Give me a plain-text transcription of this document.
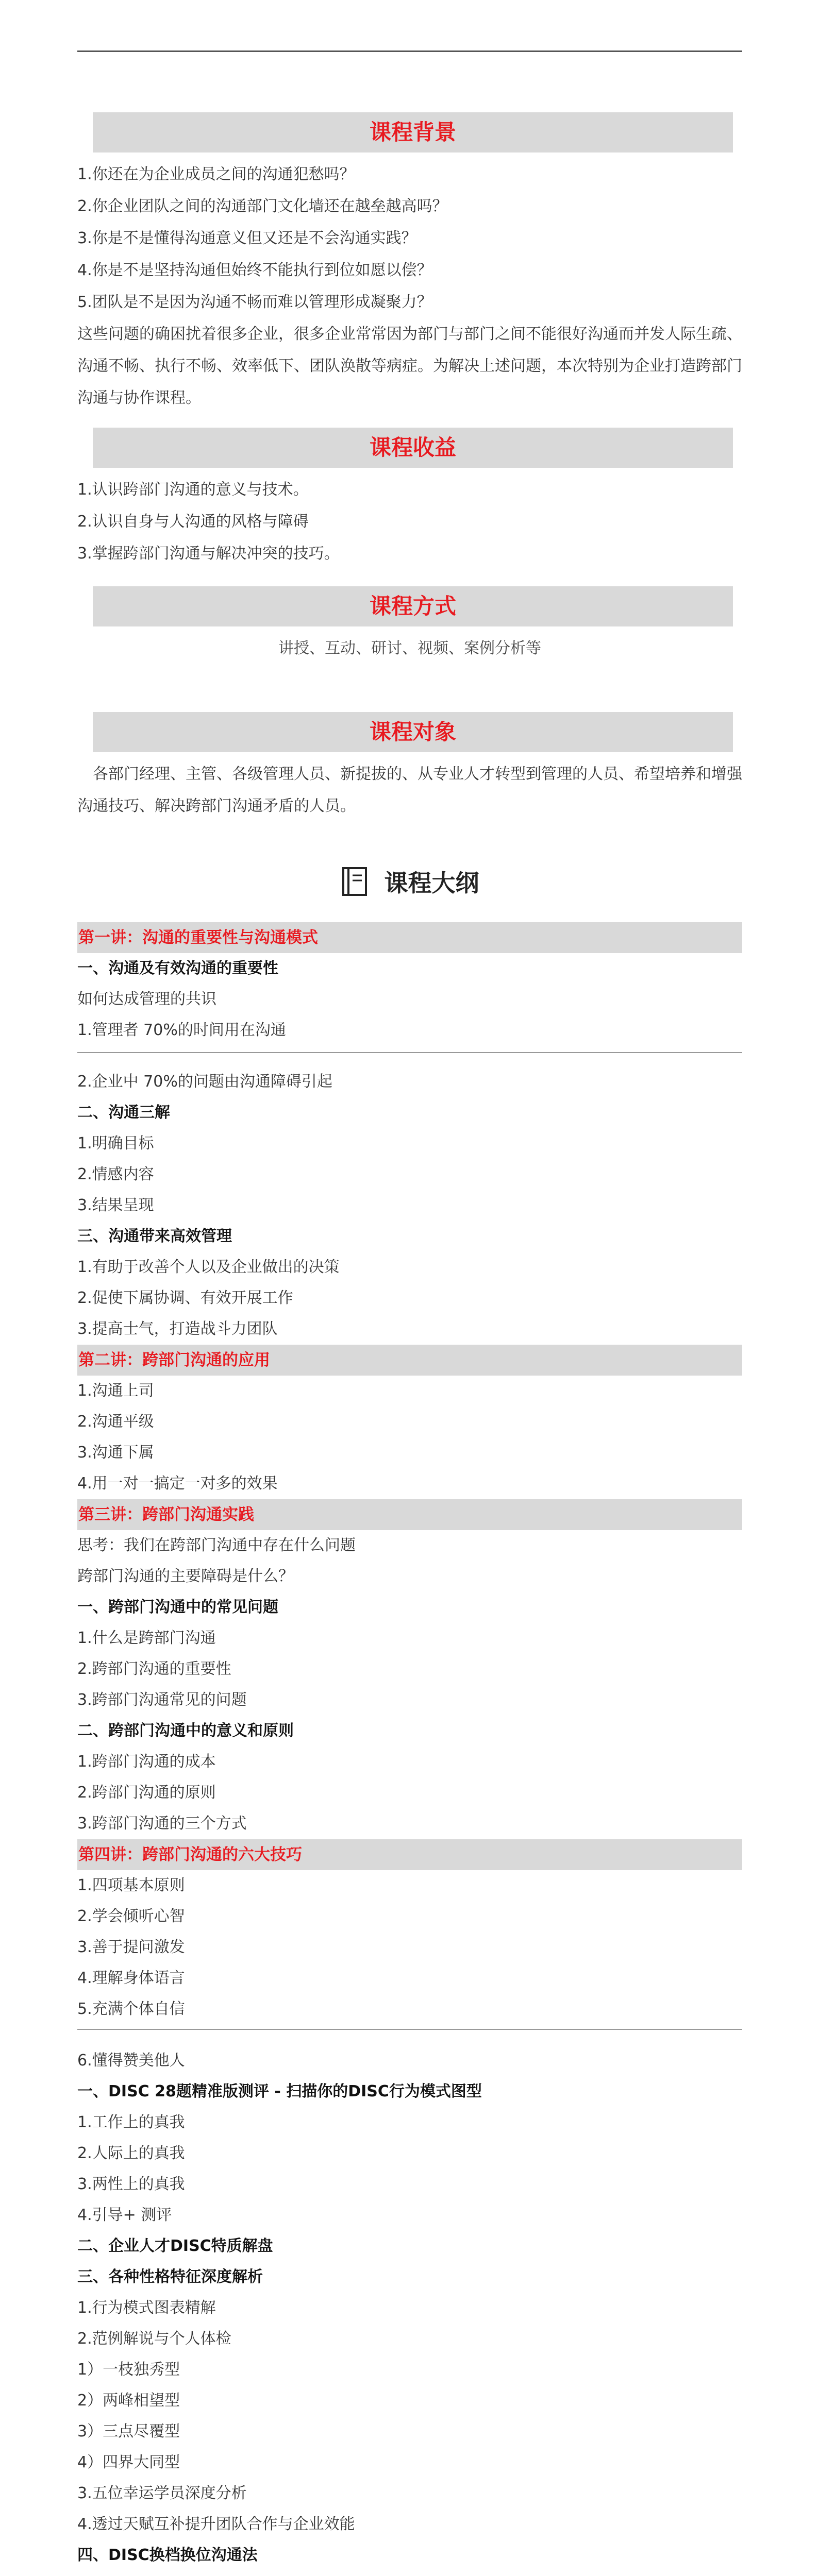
课程背景

1.你还在为企业成员之间的沟通犯愁吗？

2.你企业团队之间的沟通部门文化墙还在越垒越高吗？

3.你是不是懂得沟通意义但又还是不会沟通实践？

4.你是不是坚持沟通但始终不能执行到位如愿以偿？

5.团队是不是因为沟通不畅而难以管理形成凝聚力？

这些问题的确困扰着很多企业，很多企业常常因为部门与部门之间不能很好沟通而并发人际生疏、沟通不畅、执行不畅、效率低下、团队涣散等病症。为解决上述问题，本次特别为企业打造跨部门沟通与协作课程。

课程收益

1.认识跨部门沟通的意义与技术。

2.认识自身与人沟通的风格与障碍

3.掌握跨部门沟通与解决冲突的技巧。

课程方式
讲授、互动、研讨、视频、案例分析等
课程对象
各部门经理、主管、各级管理人员、新提拔的、从专业人才转型到管理的人员、希望培养和增强沟通技巧、解决跨部门沟通矛盾的人员。
课程大纲
第一讲：沟通的重要性与沟通模式
一、沟通及有效沟通的重要性
如何达成管理的共识
1.管理者 70%的时间用在沟通
2.企业中 70%的问题由沟通障碍引起
二、沟通三解
1.明确目标
2.情感内容
3.结果呈现
三、沟通带来高效管理
1.有助于改善个人以及企业做出的决策
2.促使下属协调、有效开展工作
3.提高士气，打造战斗力团队
第二讲：跨部门沟通的应用
1.沟通上司
2.沟通平级
3.沟通下属
4.用一对一搞定一对多的效果
第三讲：跨部门沟通实践
思考：我们在跨部门沟通中存在什么问题
跨部门沟通的主要障碍是什么？
一、跨部门沟通中的常见问题
1.什么是跨部门沟通
2.跨部门沟通的重要性
3.跨部门沟通常见的问题
二、跨部门沟通中的意义和原则
1.跨部门沟通的成本
2.跨部门沟通的原则
3.跨部门沟通的三个方式
第四讲：跨部门沟通的六大技巧
1.四项基本原则
2.学会倾听心智
3.善于提问激发
4.理解身体语言
5.充满个体自信
6.懂得赞美他人
一、DISC 28题精准版测评 - 扫描你的DISC行为模式图型
1.工作上的真我
2.人际上的真我
3.两性上的真我
4.引导+ 测评
二、企业人才DISC特质解盘
三、各种性格特征深度解析
1.行为模式图表精解
2.范例解说与个人体检
1）一枝独秀型
2）两峰相望型
3）三点尽覆型
4）四界大同型
3.五位幸运学员深度分析
4.透过天赋互补提升团队合作与企业效能
四、DISC换档换位沟通法
